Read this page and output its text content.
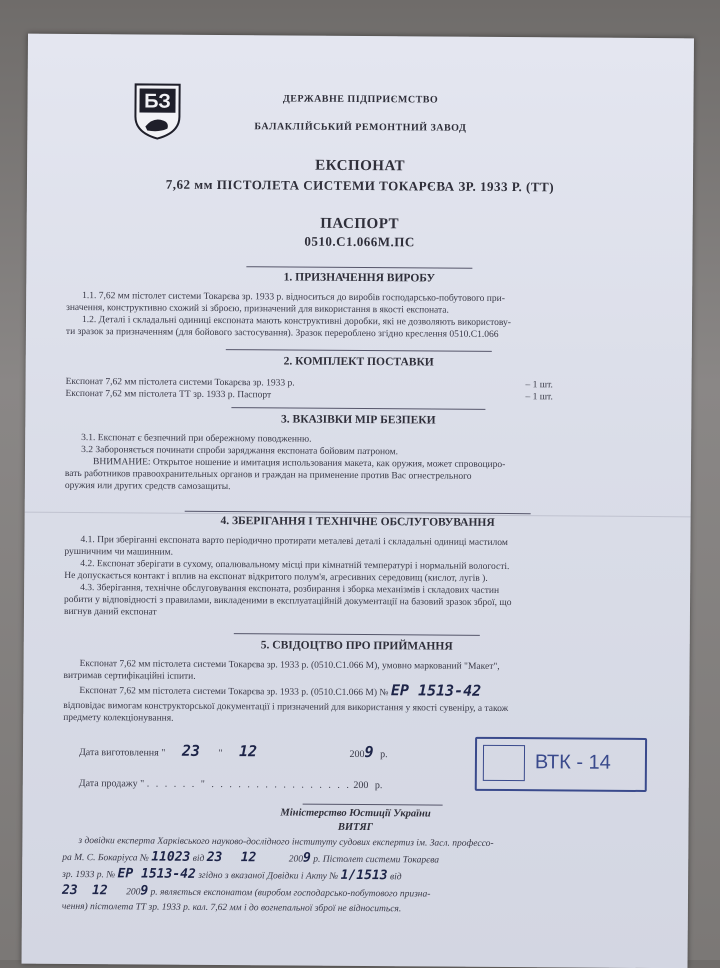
БЗ	ДЕРЖАВНЕ ПІДПРИЄМСТВО
БАЛАКЛІЙСЬКИЙ РЕМОНТНИЙ ЗАВОД
ЕКСПОНАТ
7,62 мм ПІСТОЛЕТА СИСТЕМИ ТОКАРЄВА ЗР. 1933 Р. (ТТ)
ПАСПОРТ
0510.С1.066М.ПС
1. ПРИЗНАЧЕННЯ ВИРОБУ
1.1. 7,62 мм пістолет системи Токарєва зр. 1933 р. відноситься до виробів господарсько-побутового при-
значення, конструктивно схожий зі зброєю, призначений для використання в якості експоната.
1.2. Деталі і складальні одиниці експоната мають конструктивні доробки, які не дозволяють використову-
ти зразок за призначенням (для бойового застосування). Зразок перероблено згідно креслення 0510.С1.066
2. КОМПЛЕКТ ПОСТАВКИ
Експонат 7,62 мм пістолета системи Токарєва зр. 1933 р.	– 1 шт.
Експонат 7,62 мм пістолета ТТ зр. 1933 р. Паспорт	– 1 шт.
3. ВКАЗІВКИ МІР БЕЗПЕКИ
3.1. Експонат є безпечний при обережному поводженню.
3.2 Забороняється починати спроби заряджання експоната бойовим патроном.
ВНИМАНИЕ: Открытое ношение и имитация использования макета, как оружия, может спровоциро-
вать работников правоохранительных органов и граждан на применение против Вас огнестрельного
оружия или других средств самозащиты.
4. ЗБЕРІГАННЯ І ТЕХНІЧНЕ ОБСЛУГОВУВАННЯ
4.1. При зберіганні експоната варто періодично протирати металеві деталі і складальні одиниці мастилом
рушничним чи машинним.
4.2. Експонат зберігати в сухому, опалювальному місці при кімнатній температурі і нормальній вологості.
Не допускається контакт і вплив на експонат відкритого полум'я, агресивних середовищ (кислот, лугів ).
4.3. Зберігання, технічне обслуговування експоната, розбирання і зборка механізмів і складових частин
робити у відповідності з правилами, викладеними в експлуатаційній документації на базовий зразок зброї, що
вигнув даний експонат
5. СВІДОЦТВО ПРО ПРИЙМАННЯ
Експонат 7,62 мм пістолета системи Токарєва зр. 1933 р. (0510.С1.066 М), умовно маркований "Макет",
витримав сертифікаційні іспити.
Експонат 7,62 мм пістолета системи Токарєва зр. 1933 р. (0510.С1.066 М) № ЕР 1513-42
відповідає вимогам конструкторської документації і призначений для використання у якості сувеніру, а також
предмету колекціонування.
Дата виготовлення " 23 " 12	2009 р.
Дата продажу " . . . . . . " . . . . . . . . . . . . . . . . 200 р.
ВТК - 14
Міністерство Юстиції України
ВИТЯГ
з довідки експерта Харківського науково-дослідного інституту судових експертиз ім. Засл. профессо-
ра М. С. Бокаріуса № 11023 від 23 12	2009 р. Пістолет системи Токарєва
зр. 1933 р. № ЕР 1513-42 згідно з вказаної Довідки і Акту № 1/1513 від
23 12 2009 р. являється експонатом (виробом господарсько-побутового призна-
чення) пістолета ТТ зр. 1933 р. кал. 7,62 мм і до вогнепальної зброї не відноситься.
